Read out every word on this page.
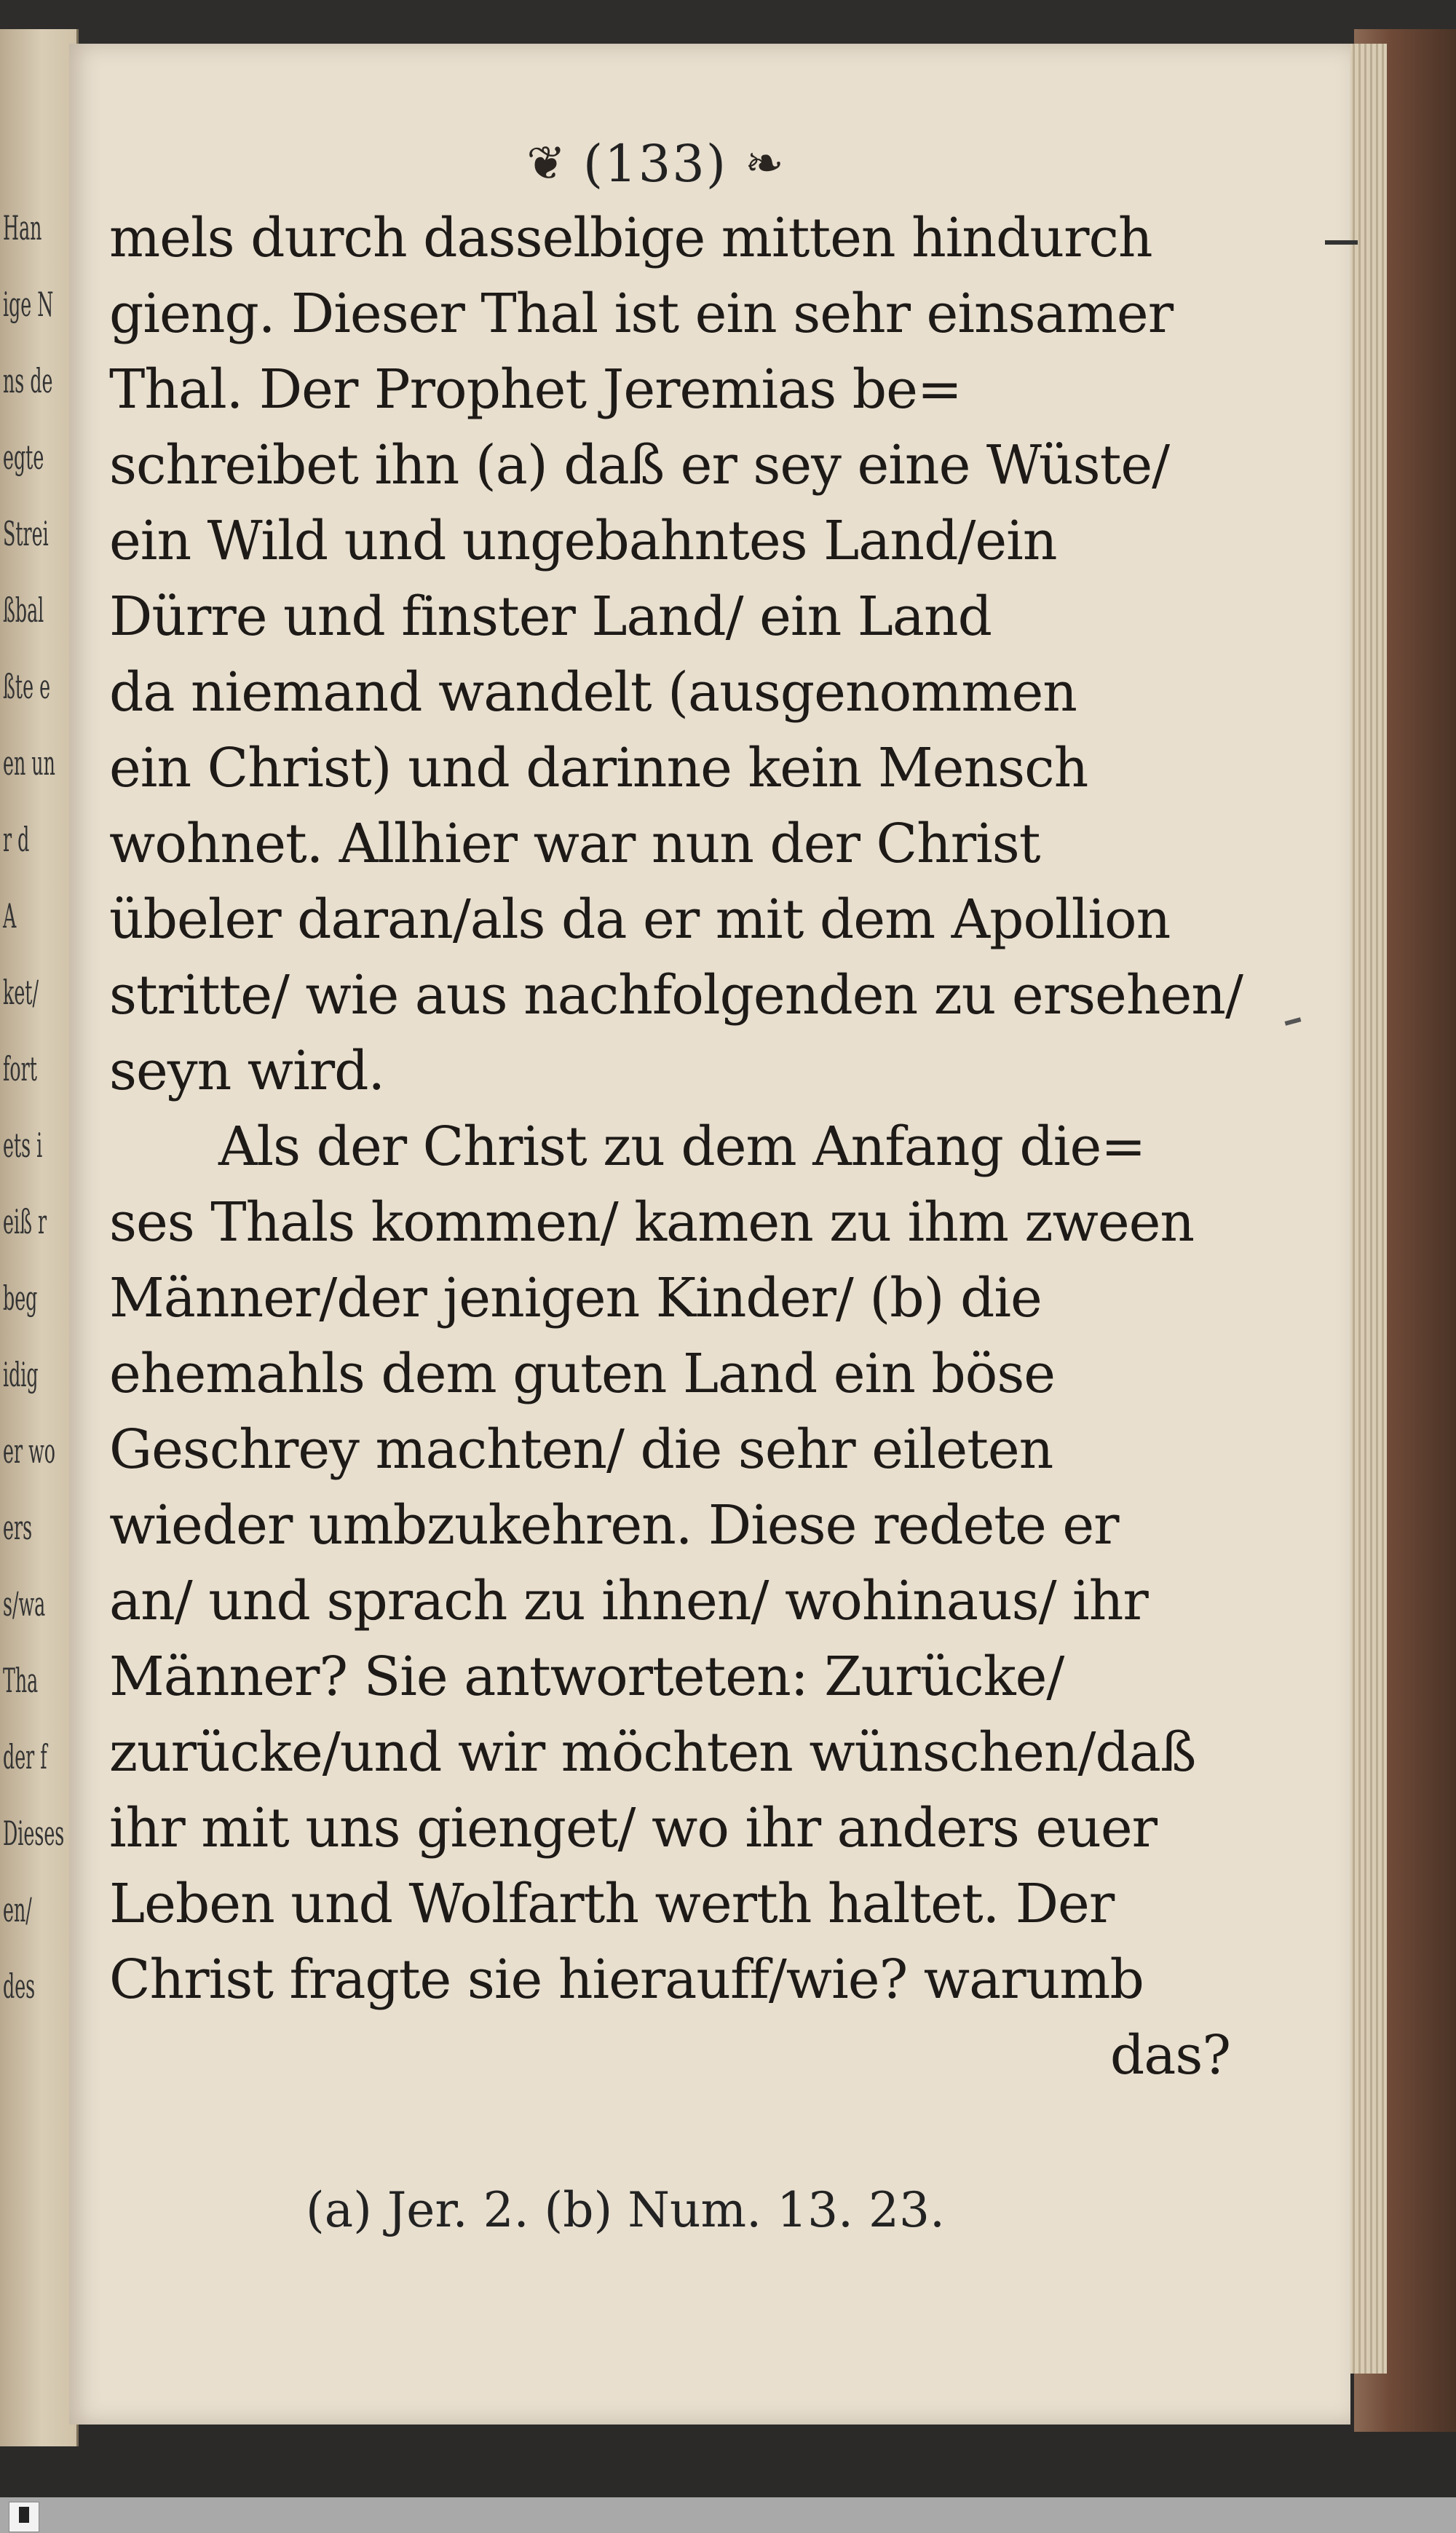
Han
ige N
ns de
egte
Strei
ßbal
ßte e
en un
r d
A
ket/
fort
ets i
eiß r
beg
idig
er wo
ers
s/wa
Tha
der f
Dieses
en/
des
❦ (133) ❧
mels durch dasselbige mitten hindurch
gieng. Dieser Thal ist ein sehr einsamer
Thal. Der Prophet Jeremias be=
schreibet ihn (a) daß er sey eine Wüste/
ein Wild und ungebahntes Land/ein
Dürre und finster Land/ ein Land
da niemand wandelt (ausgenommen
ein Christ) und darinne kein Mensch
wohnet. Allhier war nun der Christ
übeler daran/als da er mit dem Apollion
stritte/ wie aus nachfolgenden zu ersehen/
seyn wird.
Als der Christ zu dem Anfang die=
ses Thals kommen/ kamen zu ihm zween
Männer/der jenigen Kinder/ (b) die
ehemahls dem guten Land ein böse
Geschrey machten/ die sehr eileten
wieder umbzukehren. Diese redete er
an/ und sprach zu ihnen/ wohinaus/ ihr
Männer? Sie antworteten: Zurücke/
zurücke/und wir möchten wünschen/daß
ihr mit uns gienget/ wo ihr anders euer
Leben und Wolfarth werth haltet. Der
Christ fragte sie hierauff/wie? warumb
das?
(a) Jer. 2. (b) Num. 13. 23.
